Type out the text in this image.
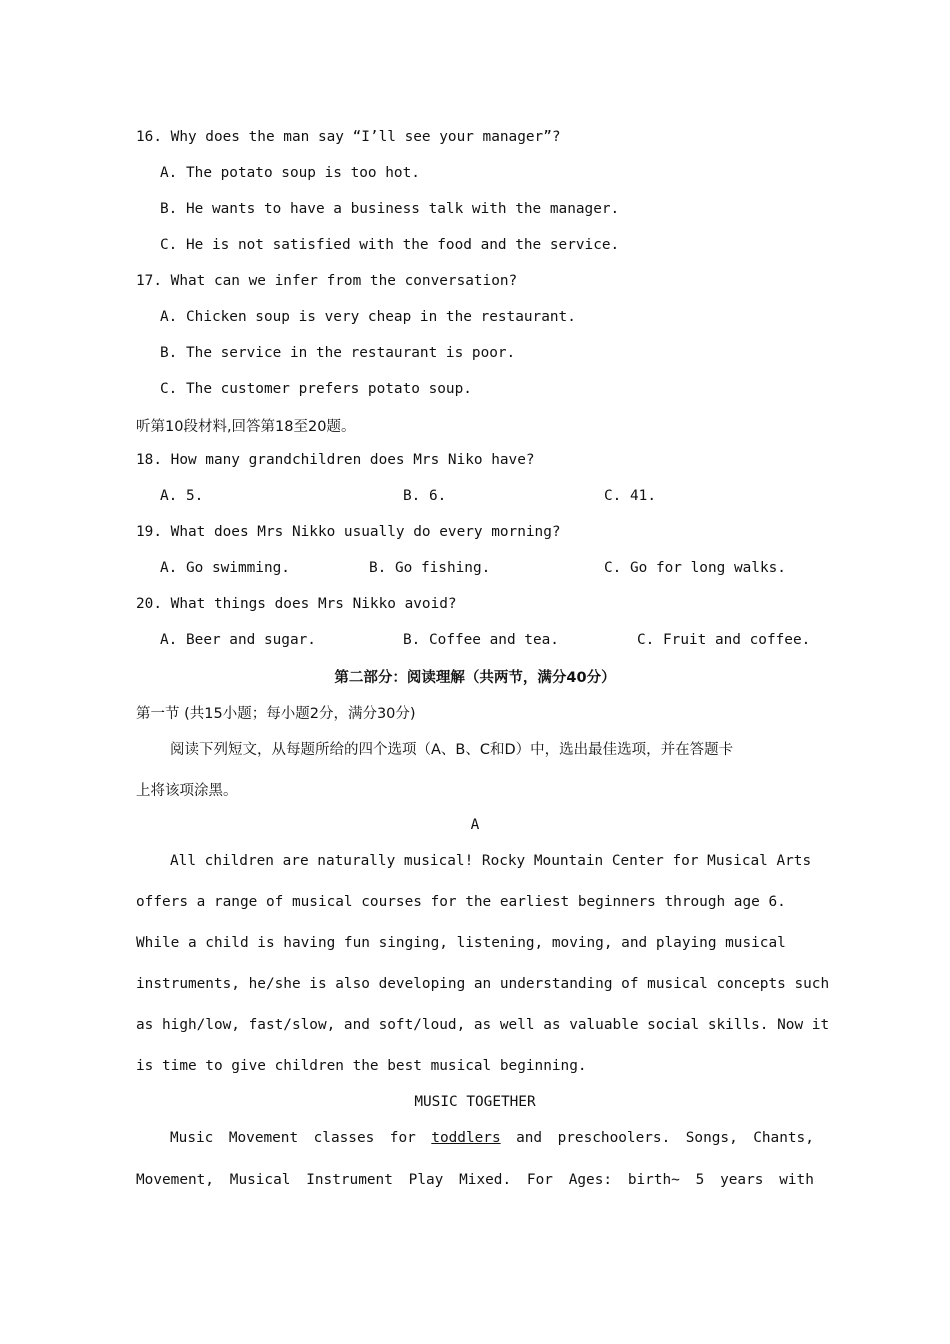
16. Why does the man say “I’ll see your manager”?
A. The potato soup is too hot.
B. He wants to have a business talk with the manager.
C. He is not satisfied with the food and the service.
17. What can we infer from the conversation?
A. Chicken soup is very cheap in the restaurant.
B. The service in the restaurant is poor.
C. The customer prefers potato soup.
听第10段材料,回答第18至20题。
18. How many grandchildren does Mrs Niko have?
A. 5.	B. 6.	C. 41.
19. What does Mrs Nikko usually do every morning?
A. Go swimming.	B. Go fishing.	C. Go for long walks.
20. What things does Mrs Nikko avoid?
A. Beer and sugar.	B. Coffee and tea.	C. Fruit and coffee.
第二部分：阅读理解（共两节，满分40分）
第一节 (共15小题；每小题2分，满分30分)
阅读下列短文，从每题所给的四个选项（A、B、C和D）中，选出最佳选项，并在答题卡
上将该项涂黑。
A
All children are naturally musical! Rocky Mountain Center for Musical Arts
offers a range of musical courses for the earliest beginners through age 6.
While a child is having fun singing, listening, moving, and playing musical
instruments, he/she is also developing an understanding of musical concepts such
as high/low, fast/slow, and soft/loud, as well as valuable social skills. Now it
is time to give children the best musical beginning.
MUSIC TOGETHER
Music Movement classes for toddlers and preschoolers. Songs, Chants,
Movement, Musical Instrument Play Mixed. For Ages: birth~ 5 years with
